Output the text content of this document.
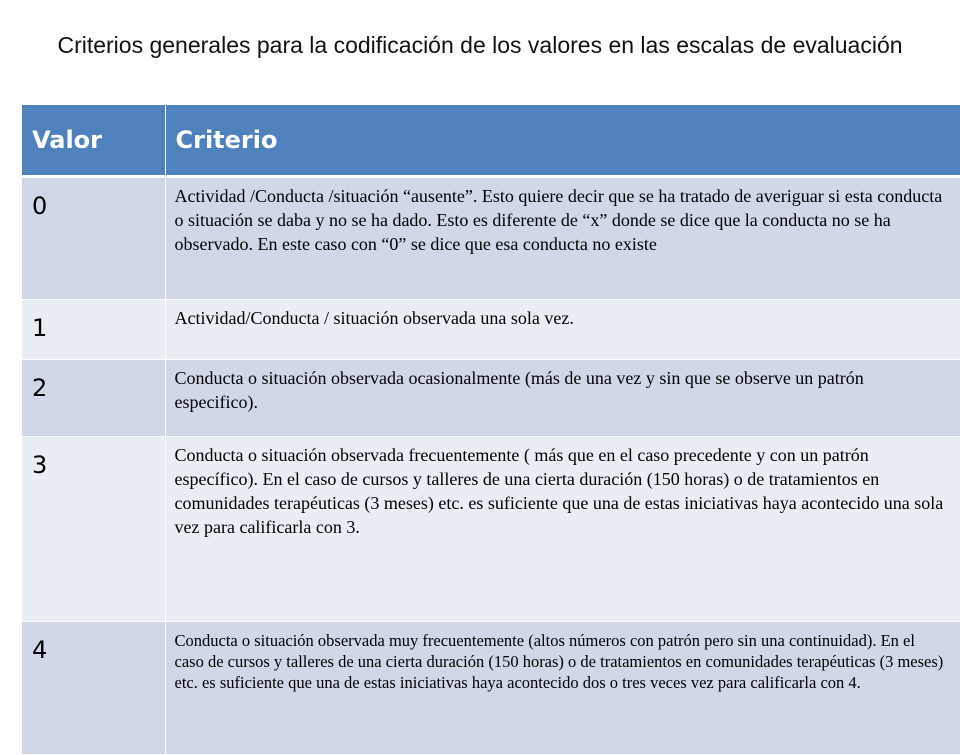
Criterios generales para la codificación de los valores en las escalas de evaluación
Valor	Criterio
0	Actividad /Conducta /situación “ausente”. Esto quiere decir que se ha tratado de averiguar si esta conducta o situación se daba y no se ha dado. Esto es diferente de “x” donde se dice que la conducta no se ha observado. En este caso con “0” se dice que esa conducta no existe
1	Actividad/Conducta / situación observada una sola vez.
2	Conducta o situación observada ocasionalmente (más de una vez y sin que se observe un patrón especifico).
3	Conducta o situación observada frecuentemente ( más que en el caso precedente y con un patrón específico). En el caso de cursos y talleres de una cierta duración (150 horas) o de tratamientos en comunidades terapéuticas (3 meses) etc. es suficiente que una de estas iniciativas haya acontecido una sola vez para calificarla con 3.
4	Conducta o situación observada muy frecuentemente (altos números con patrón pero sin una continuidad). En el caso de cursos y talleres de una cierta duración (150 horas) o de tratamientos en comunidades terapéuticas (3 meses) etc. es suficiente que una de estas iniciativas haya acontecido dos o tres veces vez para calificarla con 4.
